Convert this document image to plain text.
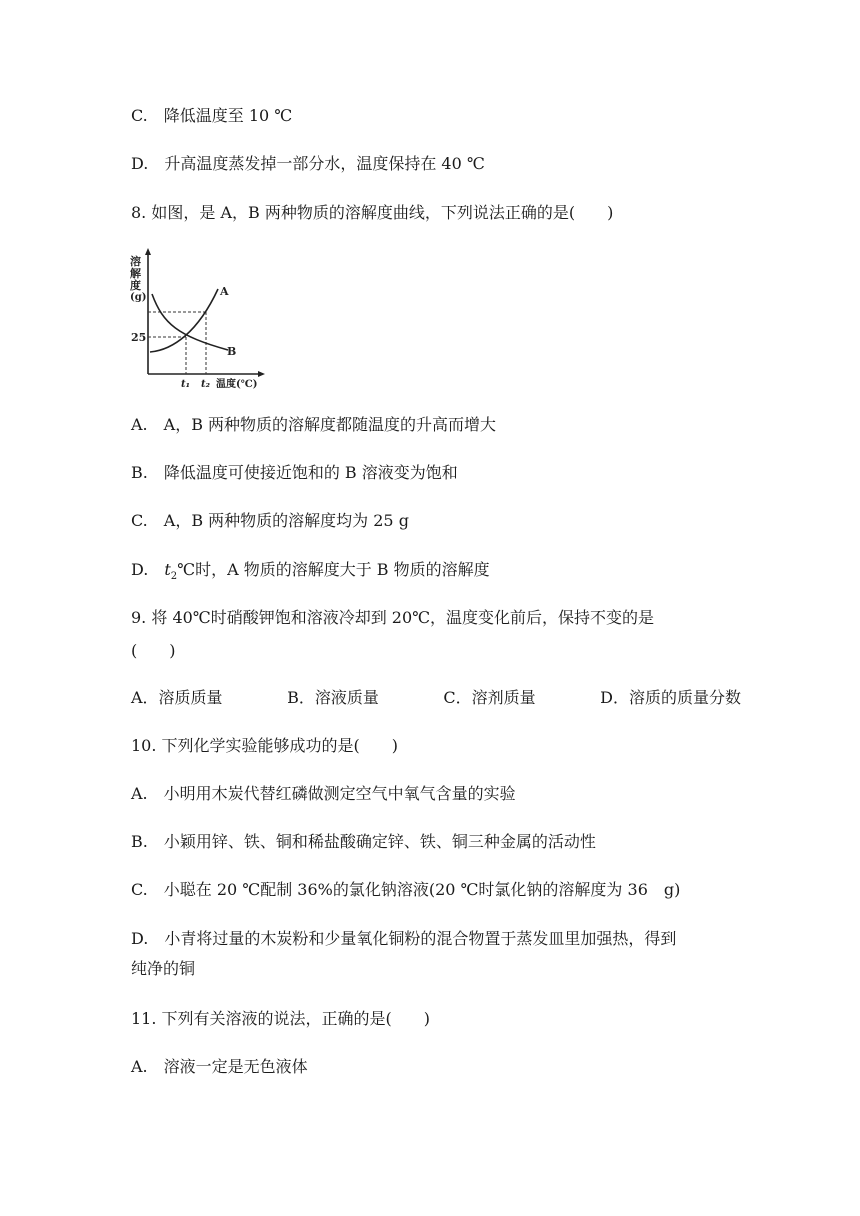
C.　降低温度至 10 ℃
D.　升高温度蒸发掉一部分水，温度保持在 40 ℃
8. 如图，是 A，B 两种物质的溶解度曲线，下列说法正确的是(　　)
溶
解
度
(g)
25
A
B
t₁ t₂ 温度(℃)
A.　A，B 两种物质的溶解度都随温度的升高而增大
B.　降低温度可使接近饱和的 B 溶液变为饱和
C.　A，B 两种物质的溶解度均为 25 g
D.　$t_2℃$时，A 物质的溶解度大于 B 物质的溶解度
9. 将 40℃时硝酸钾饱和溶液冷却到 20℃，温度变化前后，保持不变的是
(　　)
A．溶质质量	B．溶液质量	C．溶剂质量	D．溶质的质量分数
10. 下列化学实验能够成功的是(　　)
A.　小明用木炭代替红磷做测定空气中氧气含量的实验
B.　小颖用锌、铁、铜和稀盐酸确定锌、铁、铜三种金属的活动性
C.　小聪在 20 ℃配制 36%的氯化钠溶液(20 ℃时氯化钠的溶解度为 36　g)
D.　小青将过量的木炭粉和少量氧化铜粉的混合物置于蒸发皿里加强热，得到
纯净的铜
11. 下列有关溶液的说法，正确的是(　　)
A.　溶液一定是无色液体
